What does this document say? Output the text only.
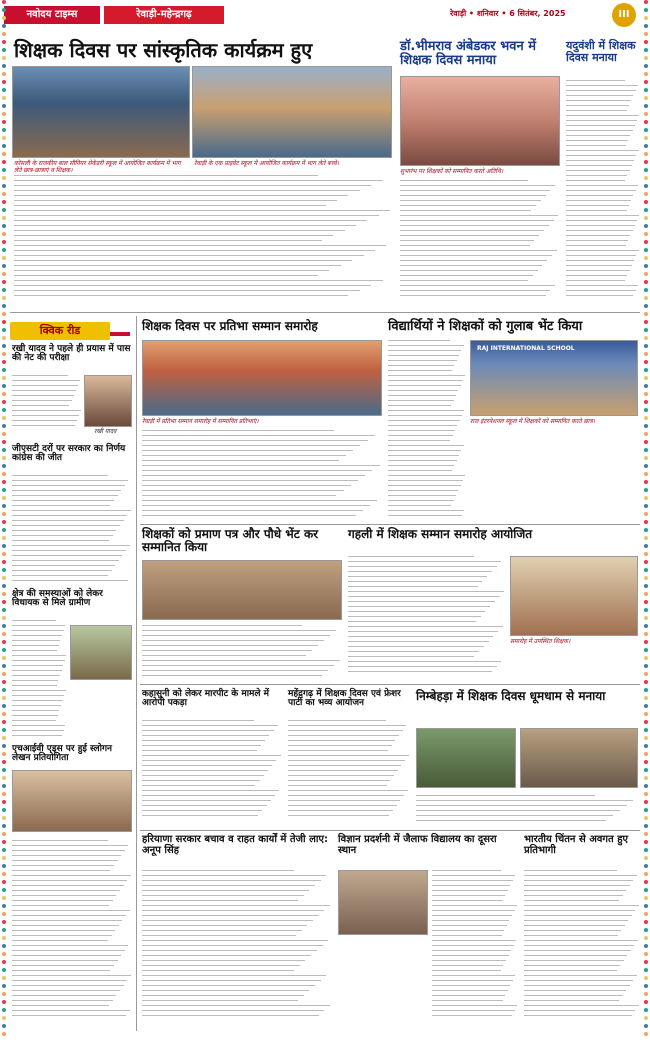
नवोदय टाइम्स	रेवाड़ी-महेन्द्रगढ़	रेवाड़ी • शनिवार • 6 सितंबर, 2025	III
शिक्षक दिवस पर सांस्कृतिक कार्यक्रम हुए
कोसली के राजकीय बाल सीनियर सेकेंडरी स्कूल में आयोजित कार्यक्रम में भाग लेते छात्र-छात्राएं व शिक्षक।
रेवाड़ी के एक प्राइवेट स्कूल में आयोजित कार्यक्रम में भाग लेते बच्चे।
डॉ.भीमराव अंबेडकर भवन में शिक्षक दिवस मनाया
शुभारंभ पर शिक्षकों को सम्मानित करते अतिथि।
यदुवंशी में शिक्षक दिवस मनाया
क्विक रीड
रखी यादव ने पहले ही प्रयास में पास की नेट की परीक्षा
रखी यादव
जीएसटी दरों पर सरकार का निर्णय कांग्रेस की जीत
क्षेत्र की समस्याओं को लेकर विधायक से मिले ग्रामीण
एचआईवी एड्स पर हुई स्लोगन लेखन प्रतियोगिता
शिक्षक दिवस पर प्रतिभा सम्मान समारोह
रेवाड़ी में प्रतिभा सम्मान समारोह में सम्मानित प्रतिभाएं।
विद्यार्थियों ने शिक्षकों को गुलाब भेंट किया
RAJ INTERNATIONAL SCHOOL
राज इंटरनेशनल स्कूल में शिक्षकों को सम्मानित करते छात्र।
शिक्षकों को प्रमाण पत्र और पौधे भेंट कर सम्मानित किया
गहली में शिक्षक सम्मान समारोह आयोजित
समारोह में उपस्थित शिक्षक।
कहासुनी को लेकर मारपीट के मामले में आरोपी पकड़ा
महेंद्रगढ़ में शिक्षक दिवस एवं फ्रेशर पार्टी का भव्य आयोजन
निम्बेहड़ा में शिक्षक दिवस धूमधाम से मनाया
हरियाणा सरकार बचाव व राहत कार्यों में तेजी लाए: अनूप सिंह
विज्ञान प्रदर्शनी में जैलाफ विद्यालय का दूसरा स्थान
भारतीय चिंतन से अवगत हुए प्रतिभागी
